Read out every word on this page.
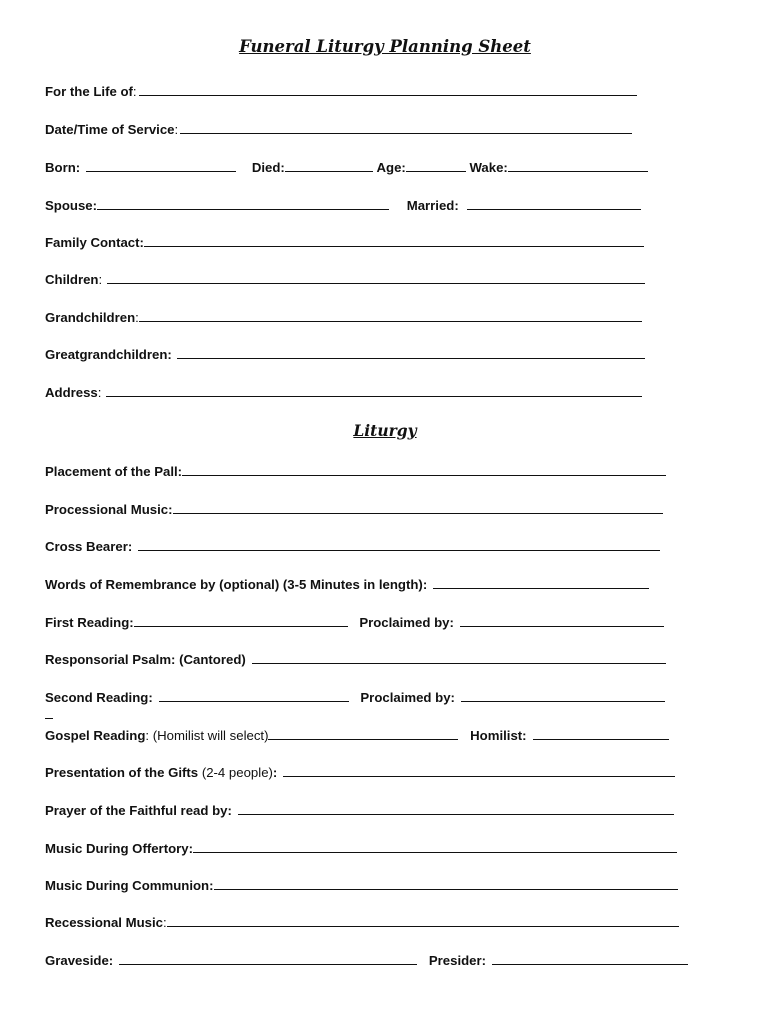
Funeral Liturgy Planning Sheet
For the Life of:
Date/Time of Service:
Born:	Died:	Age:	Wake:
Spouse:	Married:
Family Contact:
Children:
Grandchildren:
Greatgrandchildren:
Address:
Liturgy
Placement of the Pall:
Processional Music:
Cross Bearer:
Words of Remembrance by (optional) (3-5 Minutes in length):
First Reading:	Proclaimed by:
Responsorial Psalm: (Cantored)
Second Reading:	Proclaimed by:
Gospel Reading: (Homilist will select)	Homilist:
Presentation of the Gifts (2-4 people):
Prayer of the Faithful read by:
Music During Offertory:
Music During Communion:
Recessional Music:
Graveside:	Presider:
